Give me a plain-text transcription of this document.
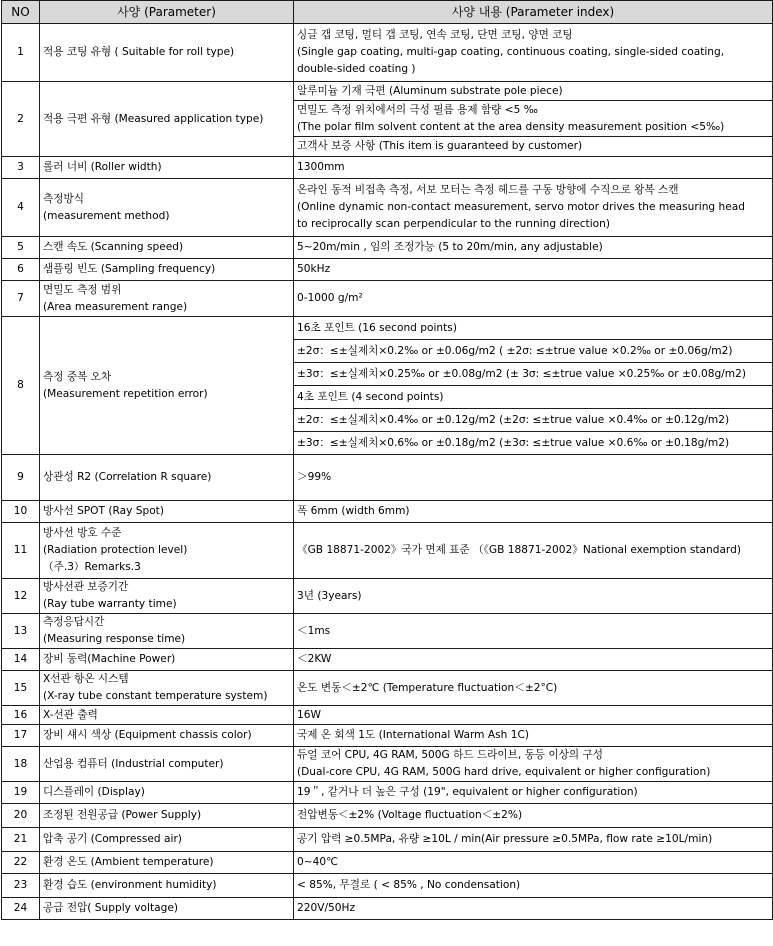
NO	사양 (Parameter)	사양 내용 (Parameter index)
1	적용 코팅 유형 ( Suitable for roll type)	싱글 갭 코팅, 멀티 갭 코팅, 연속 코팅, 단면 코팅, 양면 코팅
(Single gap coating, multi-gap coating, continuous coating, single-sided coating,
double-sided coating )

2	적용 극편 유형 (Measured application type)	알루미늄 기재 극편 (Aluminum substrate pole piece)

		면밀도 측정 위치에서의 극성 필름 용제 함량 <5 ‰
(The polar film solvent content at the area density measurement position <5‰)

		고객사 보증 사항 (This item is guaranteed by customer)

3	롤러 너비 (Roller width)	1300mm

4	측정방식
(measurement method)	온라인 동적 비접촉 측정, 서보 모터는 측정 헤드를 구동 방향에 수직으로 왕복 스캔
(Online dynamic non-contact measurement, servo motor drives the measuring head
to reciprocally scan perpendicular to the running direction)

5	스캔 속도 (Scanning speed)	5~20m/min , 임의 조정가능 (5 to 20m/min, any adjustable)

6	샘플링 빈도 (Sampling frequency)	50kHz

7	면밀도 측정 범위
(Area measurement range)	0-1000 g/m²

8	측정 중복 오차
(Measurement repetition error)	16초 포인트 (16 second points)

		±2σ：≤±실제치×0.2‰ or ±0.06g/m2 ( ±2σ: ≤±true value ×0.2‰ or ±0.06g/m2)

		±3σ：≤±실제치×0.25‰ or ±0.08g/m2 (± 3σ: ≤±true value ×0.25‰ or ±0.08g/m2)

		4초 포인트 (4 second points)

		±2σ：≤±실제치×0.4‰ or ±0.12g/m2 (±2σ: ≤±true value ×0.4‰ or ±0.12g/m2)

		±3σ：≤±실제치×0.6‰ or ±0.18g/m2 (±3σ: ≤±true value ×0.6‰ or ±0.18g/m2)

9	상관성 R2 (Correlation R square)	＞99%

10	방사선 SPOT (Ray Spot)	폭 6mm (width 6mm)

11	방사선 방호 수준
(Radiation protection level)
（주.3）Remarks.3	《GB 18871-2002》국가 면제 표준 （《GB 18871-2002》National exemption standard)

12	방사선관 보증기간
(Ray tube warranty time)	3년 (3years)

13	측정응답시간
(Measuring response time)	＜1ms

14	장비 동력(Machine Power)	＜2KW

15	X선관 항온 시스템
(X-ray tube constant temperature system)	온도 변동＜±2℃ (Temperature fluctuation＜±2°C)

16	X-선관 출력	16W

17	장비 섀시 색상 (Equipment chassis color)	국제 온 회색 1도 (International Warm Ash 1C)

18	산업용 컴퓨터 (Industrial computer)	듀얼 코어 CPU, 4G RAM, 500G 하드 드라이브, 동등 이상의 구성
(Dual-core CPU, 4G RAM, 500G hard drive, equivalent or higher configuration)

19	디스플레이 (Display)	19＂, 같거나 더 높은 구성 (19", equivalent or higher configuration)

20	조정된 전원공급 (Power Supply)	전압변동＜±2% (Voltage fluctuation＜±2%)

21	압축 공기 (Compressed air)	공기 압력 ≥0.5MPa, 유량 ≥10L / min(Air pressure ≥0.5MPa, flow rate ≥10L/min)

22	환경 온도 (Ambient temperature)	0~40℃

23	환경 습도 (environment humidity)	< 85%, 무결로 ( < 85% , No condensation)

24	공급 전압( Supply voltage)	220V/50Hz
